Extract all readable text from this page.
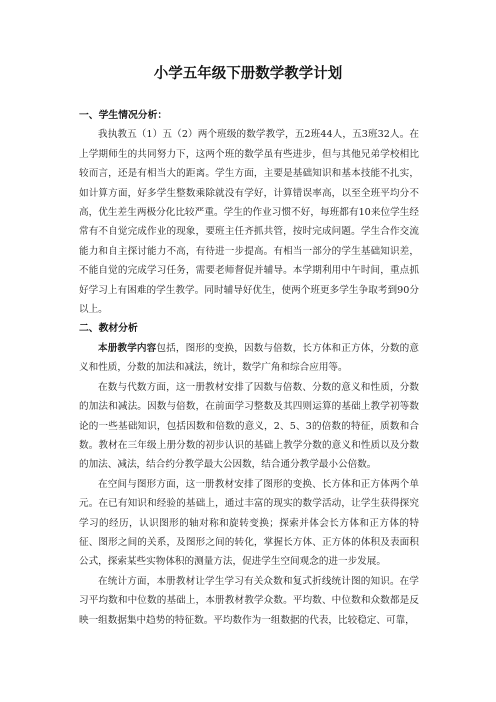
小学五年级下册数学教学计划
一、学生情况分析：

我执教五（1）五（2）两个班级的数学教学，五2班44人，五3班32人。在上学期师生的共同努力下，这两个班的数学虽有些进步，但与其他兄弟学校相比较而言，还是有相当大的距离。学生方面，主要是基础知识和基本技能不扎实，如计算方面，好多学生整数乘除就没有学好，计算错误率高，以至全班平均分不高，优生差生两极分化比较严重。学生的作业习惯不好，每班都有10来位学生经常有不自觉完成作业的现象，要班主任齐抓共管，按时完成问题。学生合作交流能力和自主探讨能力不高，有待进一步提高。有相当一部分的学生基础知识差，不能自觉的完成学习任务，需要老师督促并辅导。本学期利用中午时间，重点抓好学习上有困难的学生教学。同时辅导好优生，使两个班更多学生争取考到90分以上。

二、教材分析

本册教学内容包括，图形的变换，因数与倍数，长方体和正方体，分数的意义和性质，分数的加法和减法，统计，数学广角和综合应用等。

在数与代数方面，这一册教材安排了因数与倍数、分数的意义和性质，分数的加法和减法。因数与倍数，在前面学习整数及其四则运算的基础上教学初等数论的一些基础知识，包括因数和倍数的意义，2、5、3的倍数的特征，质数和合数。教材在三年级上册分数的初步认识的基础上教学分数的意义和性质以及分数的加法、减法，结合约分教学最大公因数，结合通分教学最小公倍数。

在空间与图形方面，这一册教材安排了图形的变换、长方体和正方体两个单元。在已有知识和经验的基础上，通过丰富的现实的数学活动，让学生获得探究学习的经历，认识图形的轴对称和旋转变换；探索并体会长方体和正方体的特征、图形之间的关系，及图形之间的转化，掌握长方体、正方体的体积及表面积公式，探索某些实物体积的测量方法，促进学生空间观念的进一步发展。

在统计方面，本册教材让学生学习有关众数和复式折线统计图的知识。在学习平均数和中位数的基础上，本册教材教学众数。平均数、中位数和众数都是反映一组数据集中趋势的特征数。平均数作为一组数据的代表，比较稳定、可靠，
